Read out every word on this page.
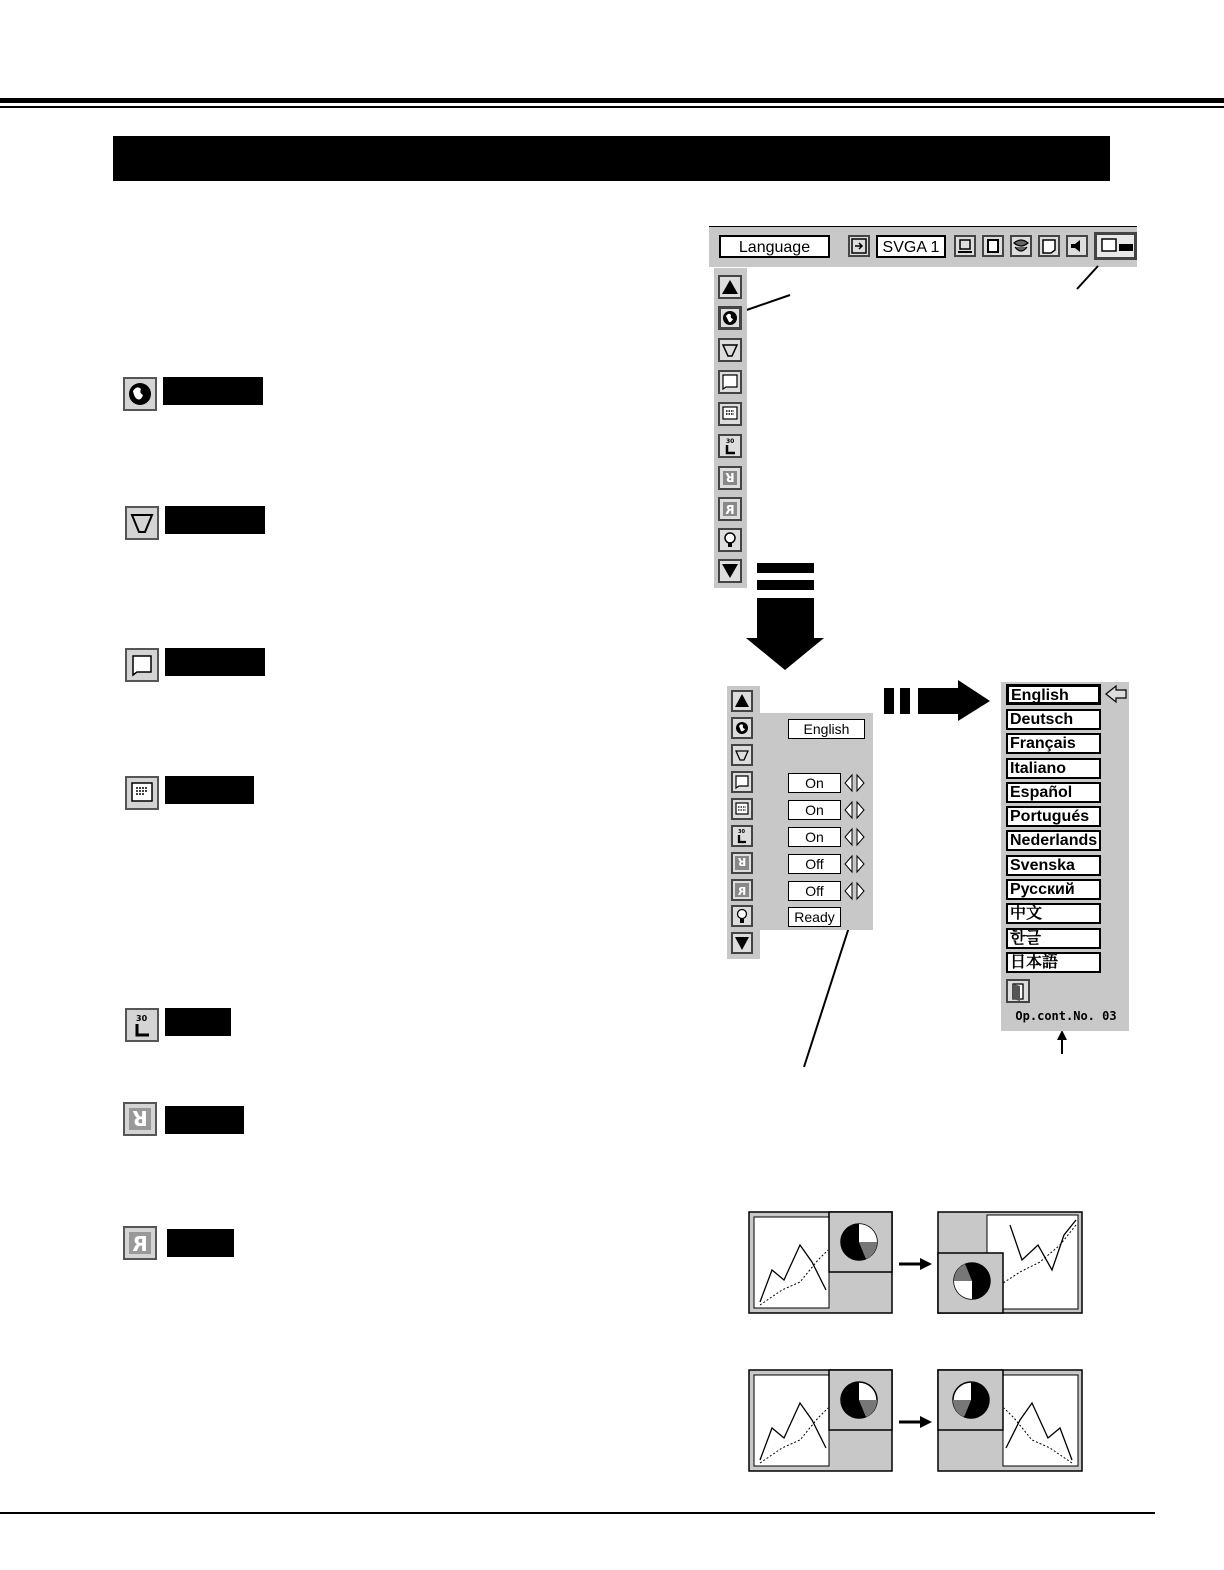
30
R
R
Language	SVGA 1
30
R
R
30
R
R
English
On
On
On
Off
Off
Ready
English
Deutsch
Français
Italiano
Español
Portugués
Nederlands
Svenska
Русский
中文
한글
日本語
Op.cont.No. 03
